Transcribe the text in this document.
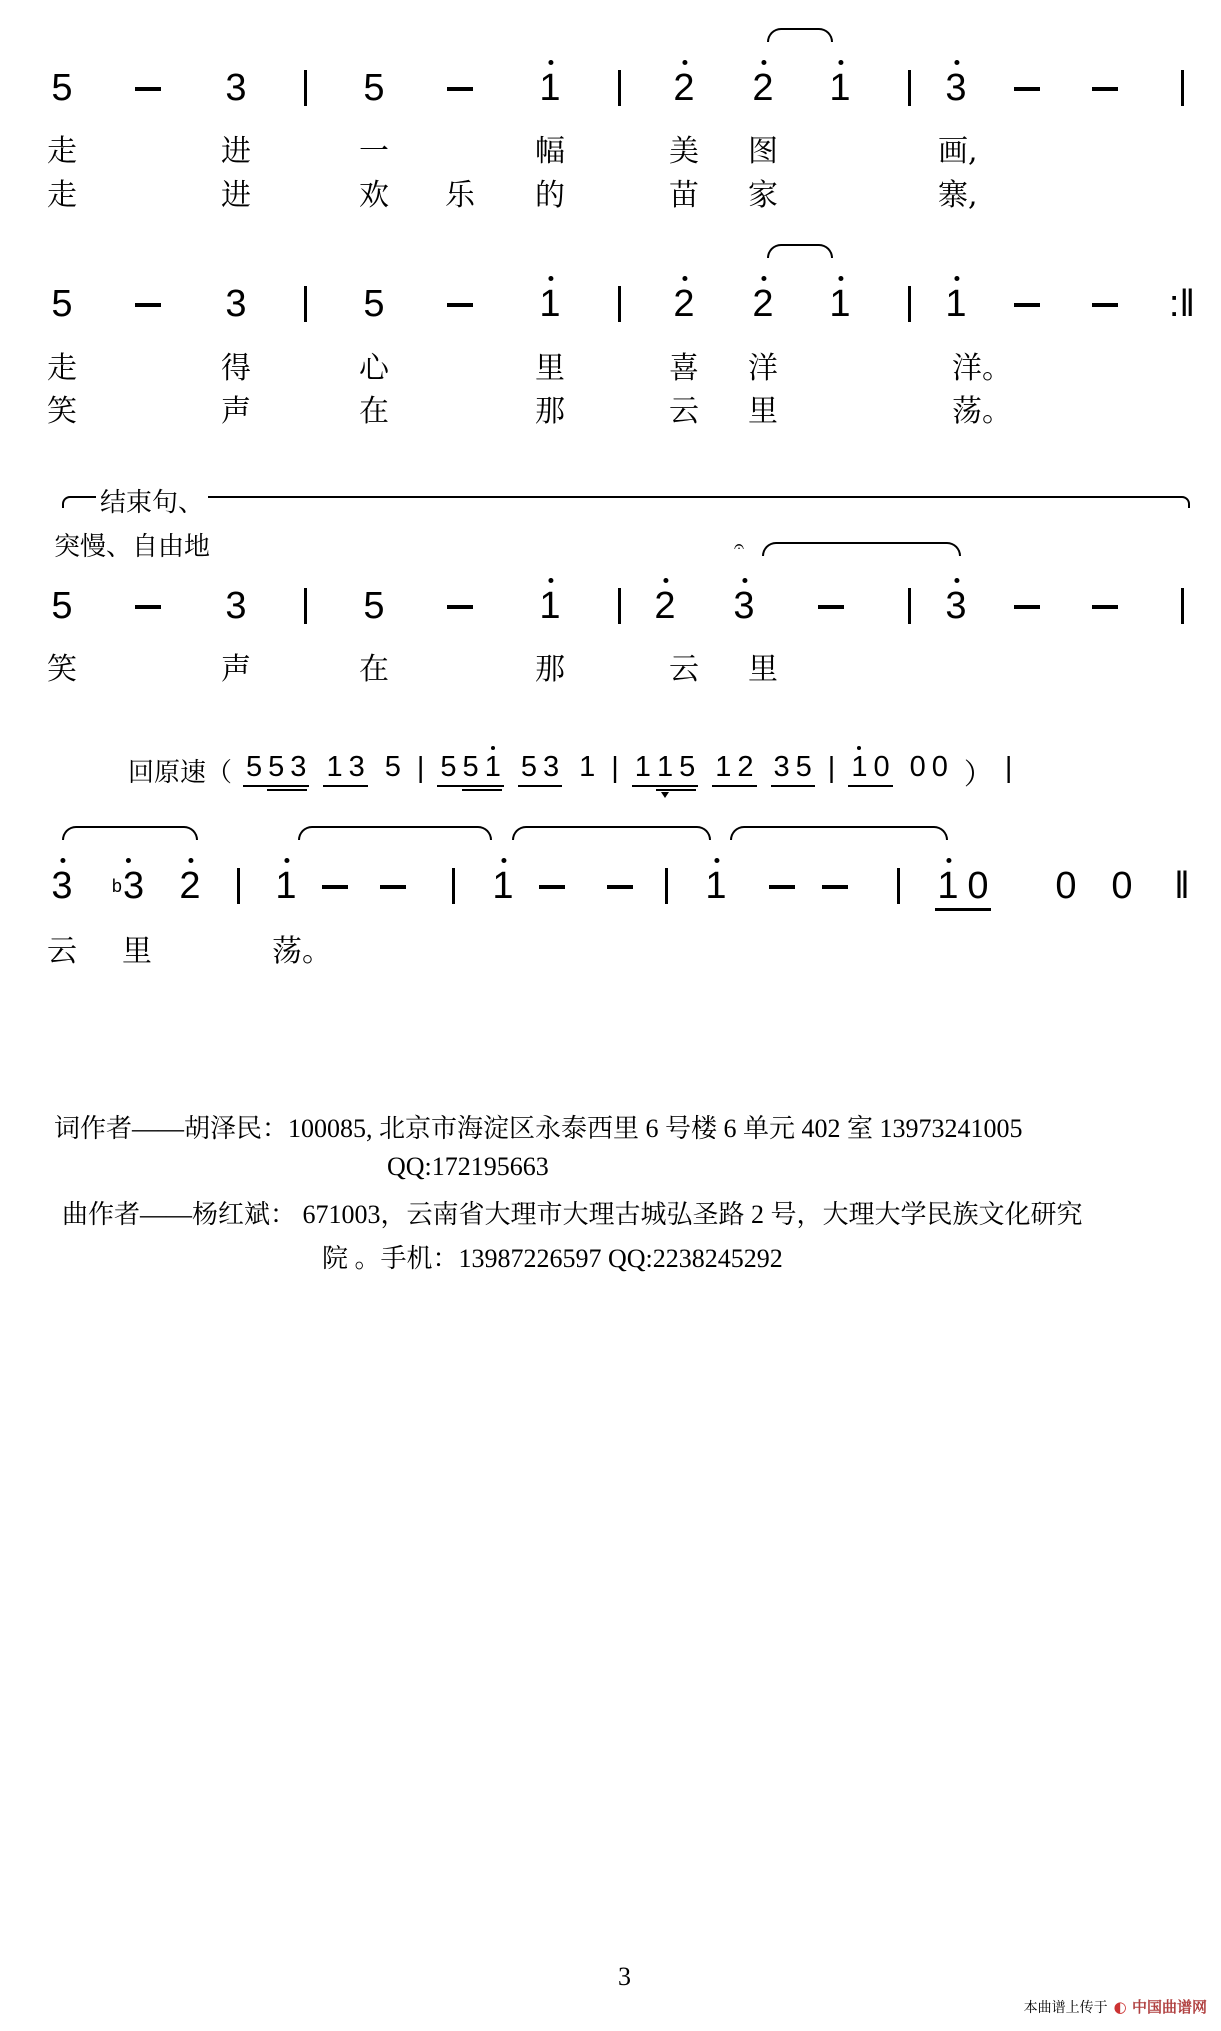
5	3	5	1	2 2 1 3
走	进	一	幅	美 图	画,
走	进	欢 乐 的	苗 家	寨,
5	3	5	1	2 2 1 1	:‖
走	得	心	里	喜 洋	洋。
笑	声	在	那	云 里	荡。
5	3	5	1 2 3	3
笑	声	在	那	云 里
3 $^b$3 2 1	1	1	1 0 0 0 ‖
云 里	荡。
结束句、
突慢、自由地	𝄐
回原速（ 5 5 3 1 3 5 | 5 5 1 5 3 1 | 1 1 5 1 2 3 5 | 1 0 0 0 ） |
词作者——胡泽民：100085, 北京市海淀区永泰西里 6 号楼 6 单元 402 室 13973241005
QQ:172195663
曲作者——杨红斌： 671003，云南省大理市大理古城弘圣路 2 号，大理大学民族文化研究
院 。手机：13987226597 QQ:2238245292
3
本曲谱上传于 ◐ 中国曲谱网
